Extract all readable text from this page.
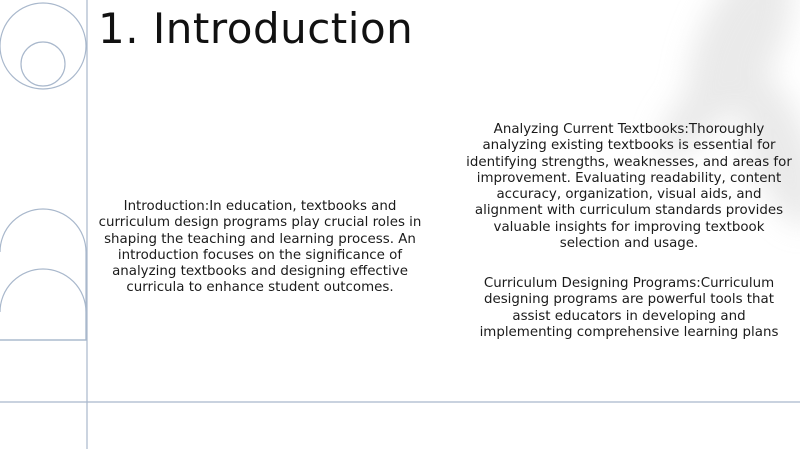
1. Introduction
Introduction:In education, textbooks and curriculum design programs play crucial roles in shaping the teaching and learning process. An introduction focuses on the significance of analyzing textbooks and designing effective curricula to enhance student outcomes.
Analyzing Current Textbooks:Thoroughly analyzing existing textbooks is essential for identifying strengths, weaknesses, and areas for improvement. Evaluating readability, content accuracy, organization, visual aids, and alignment with curriculum standards provides valuable insights for improving textbook selection and usage.
Curriculum Designing Programs:Curriculum designing programs are powerful tools that assist educators in developing and implementing comprehensive learning plans
